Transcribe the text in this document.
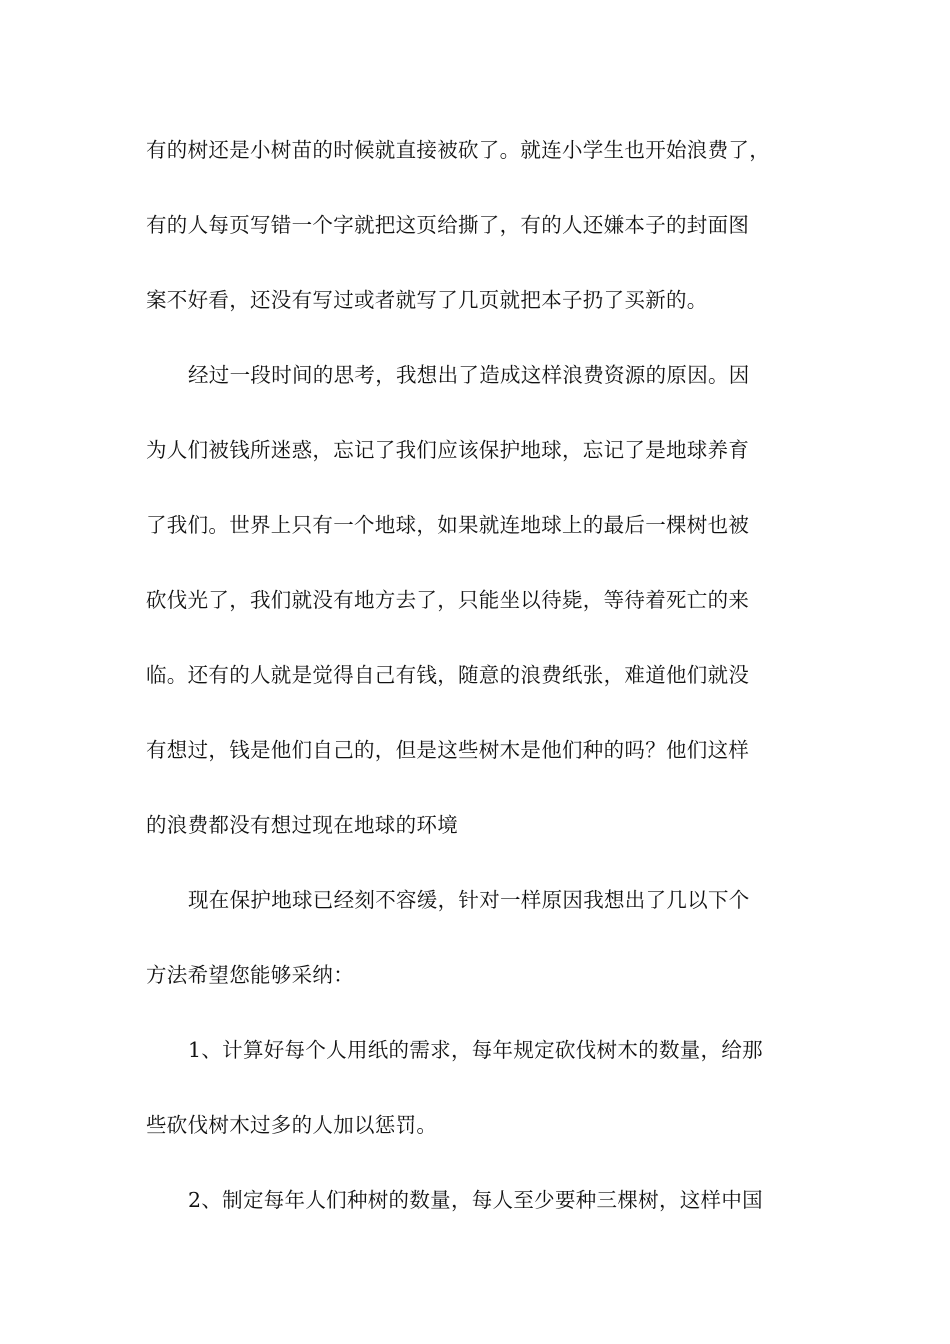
有的树还是小树苗的时候就直接被砍了。就连小学生也开始浪费了，
有的人每页写错一个字就把这页给撕了，有的人还嫌本子的封面图
案不好看，还没有写过或者就写了几页就把本子扔了买新的。
经过一段时间的思考，我想出了造成这样浪费资源的原因。因
为人们被钱所迷惑，忘记了我们应该保护地球，忘记了是地球养育
了我们。世界上只有一个地球，如果就连地球上的最后一棵树也被
砍伐光了，我们就没有地方去了，只能坐以待毙，等待着死亡的来
临。还有的人就是觉得自己有钱，随意的浪费纸张，难道他们就没
有想过，钱是他们自己的，但是这些树木是他们种的吗？他们这样
的浪费都没有想过现在地球的环境
现在保护地球已经刻不容缓，针对一样原因我想出了几以下个
方法希望您能够采纳：
1、计算好每个人用纸的需求，每年规定砍伐树木的数量，给那
些砍伐树木过多的人加以惩罚。
2、制定每年人们种树的数量，每人至少要种三棵树，这样中国
